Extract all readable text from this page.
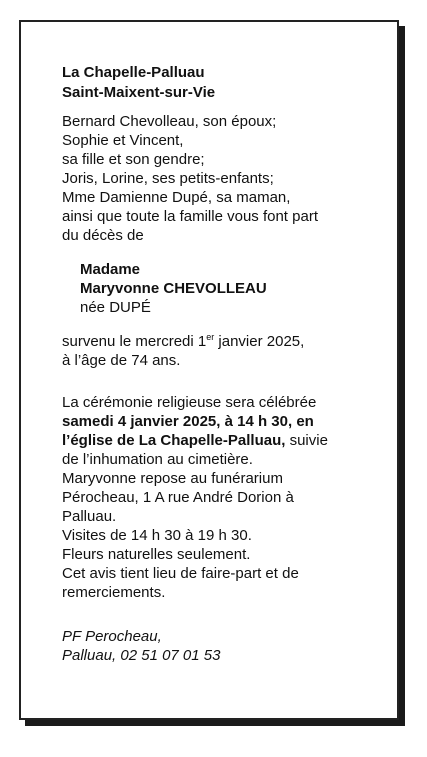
La Chapelle-Palluau
Saint-Maixent-sur-Vie
Bernard Chevolleau, son époux;
Sophie et Vincent,
sa fille et son gendre;
Joris, Lorine, ses petits-enfants;
Mme Damienne Dupé, sa maman,
ainsi que toute la famille vous font part
du décès de
Madame
Maryvonne CHEVOLLEAU
née DUPÉ
survenu le mercredi 1er janvier 2025,
à l’âge de 74 ans.
La cérémonie religieuse sera célébrée
samedi 4 janvier 2025, à 14 h 30, en
l’église de La Chapelle-Palluau, suivie
de l’inhumation au cimetière.
Maryvonne repose au funérarium
Pérocheau, 1 A rue André Dorion à
Palluau.
Visites de 14 h 30 à 19 h 30.
Fleurs naturelles seulement.
Cet avis tient lieu de faire-part et de
remerciements.
PF Perocheau,
Palluau, 02 51 07 01 53
